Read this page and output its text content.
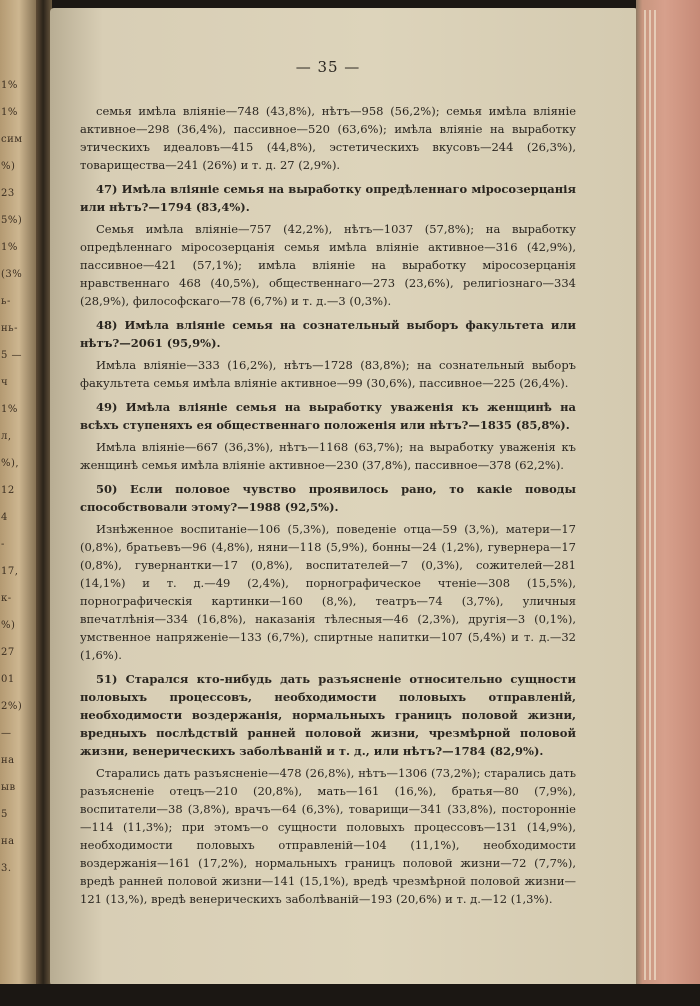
1%
1%
сим
%)
23
5%)
1%
(3%
ь-
нь-
5 —
ч
1%
л,
%),
12
4
-
17,
к-
%)
27
01
2%)
—
на
ыв
5
на
3.
— 35 —

семья имѣла вліяніе—748 (43,8%), нѣтъ—958 (56,2%); семья имѣла вліяніе активное—298 (36,4%), пассивное—520 (63,6%); имѣла вліяніе на выработку этическихъ идеаловъ—415 (44,8%), эстетическихъ вкусовъ—244 (26,3%), товарищества—241 (26%) и т. д. 27 (2,9%).

47) Имѣла вліяніе семья на выработку опредѣленнаго міросозерцанія или нѣтъ?—1794 (83,4%).

Семья имѣла вліяніе—757 (42,2%), нѣтъ—1037 (57,8%); на выработку опредѣленнаго міросозерцанія семья имѣла вліяніе активное—316 (42,9%), пассивное—421 (57,1%); имѣла вліяніе на выработку міросозерцанія нравственнаго 468 (40,5%), общественнаго—273 (23,6%), религіознаго—334 (28,9%), философскаго—78 (6,7%) и т. д.—3 (0,3%).

48) Имѣла вліяніе семья на сознательный выборъ факультета или нѣтъ?—2061 (95,9%).

Имѣла вліяніе—333 (16,2%), нѣтъ—1728 (83,8%); на сознательный выборъ факультета семья имѣла вліяніе активное—99 (30,6%), пассивное—225 (26,4%).

49) Имѣла вліяніе семья на выработку уваженія къ женщинѣ на всѣхъ ступеняхъ ея общественнаго положенія или нѣтъ?—1835 (85,8%).

Имѣла вліяніе—667 (36,3%), нѣтъ—1168 (63,7%); на выработку уваженія къ женщинѣ семья имѣла вліяніе активное—230 (37,8%), пассивное—378 (62,2%).

50) Если половое чувство проявилось рано, то какіе поводы способствовали этому?—1988 (92,5%).

Изнѣженное воспитаніе—106 (5,3%), поведеніе отца—59 (3,%), матери—17 (0,8%), братьевъ—96 (4,8%), няни—118 (5,9%), бонны—24 (1,2%), гувернера—17 (0,8%), гувернантки—17 (0,8%), воспитателей—7 (0,3%), сожителей—281 (14,1%) и т. д.—49 (2,4%), порнографическое чтеніе—308 (15,5%), порнографическія картинки—160 (8,%), театръ—74 (3,7%), уличныя впечатлѣнія—334 (16,8%), наказанія тѣлесныя—46 (2,3%), другія—3 (0,1%), умственное напряженіе—133 (6,7%), спиртные напитки—107 (5,4%) и т. д.—32 (1,6%).

51) Старался кто-нибудь дать разъясненіе относительно сущности половыхъ процессовъ, необходимости половыхъ отправленій, необходимости воздержанія, нормальныхъ границъ половой жизни, вредныхъ послѣдствій ранней половой жизни, чрезмѣрной половой жизни, венерическихъ заболѣваній и т. д., или нѣтъ?—1784 (82,9%).

Старались дать разъясненіе—478 (26,8%), нѣтъ—1306 (73,2%); старались дать разъясненіе отецъ—210 (20,8%), мать—161 (16,%), братья—80 (7,9%), воспитатели—38 (3,8%), врачъ—64 (6,3%), товарищи—341 (33,8%), посторонніе—114 (11,3%); при этомъ—о сущности половыхъ процессовъ—131 (14,9%), необходимости половыхъ отправленій—104 (11,1%), необходимости воздержанія—161 (17,2%), нормальныхъ границъ половой жизни—72 (7,7%), вредѣ ранней половой жизни—141 (15,1%), вредѣ чрезмѣрной половой жизни—121 (13,%), вредѣ венерическихъ заболѣваній—193 (20,6%) и т. д.—12 (1,3%).
